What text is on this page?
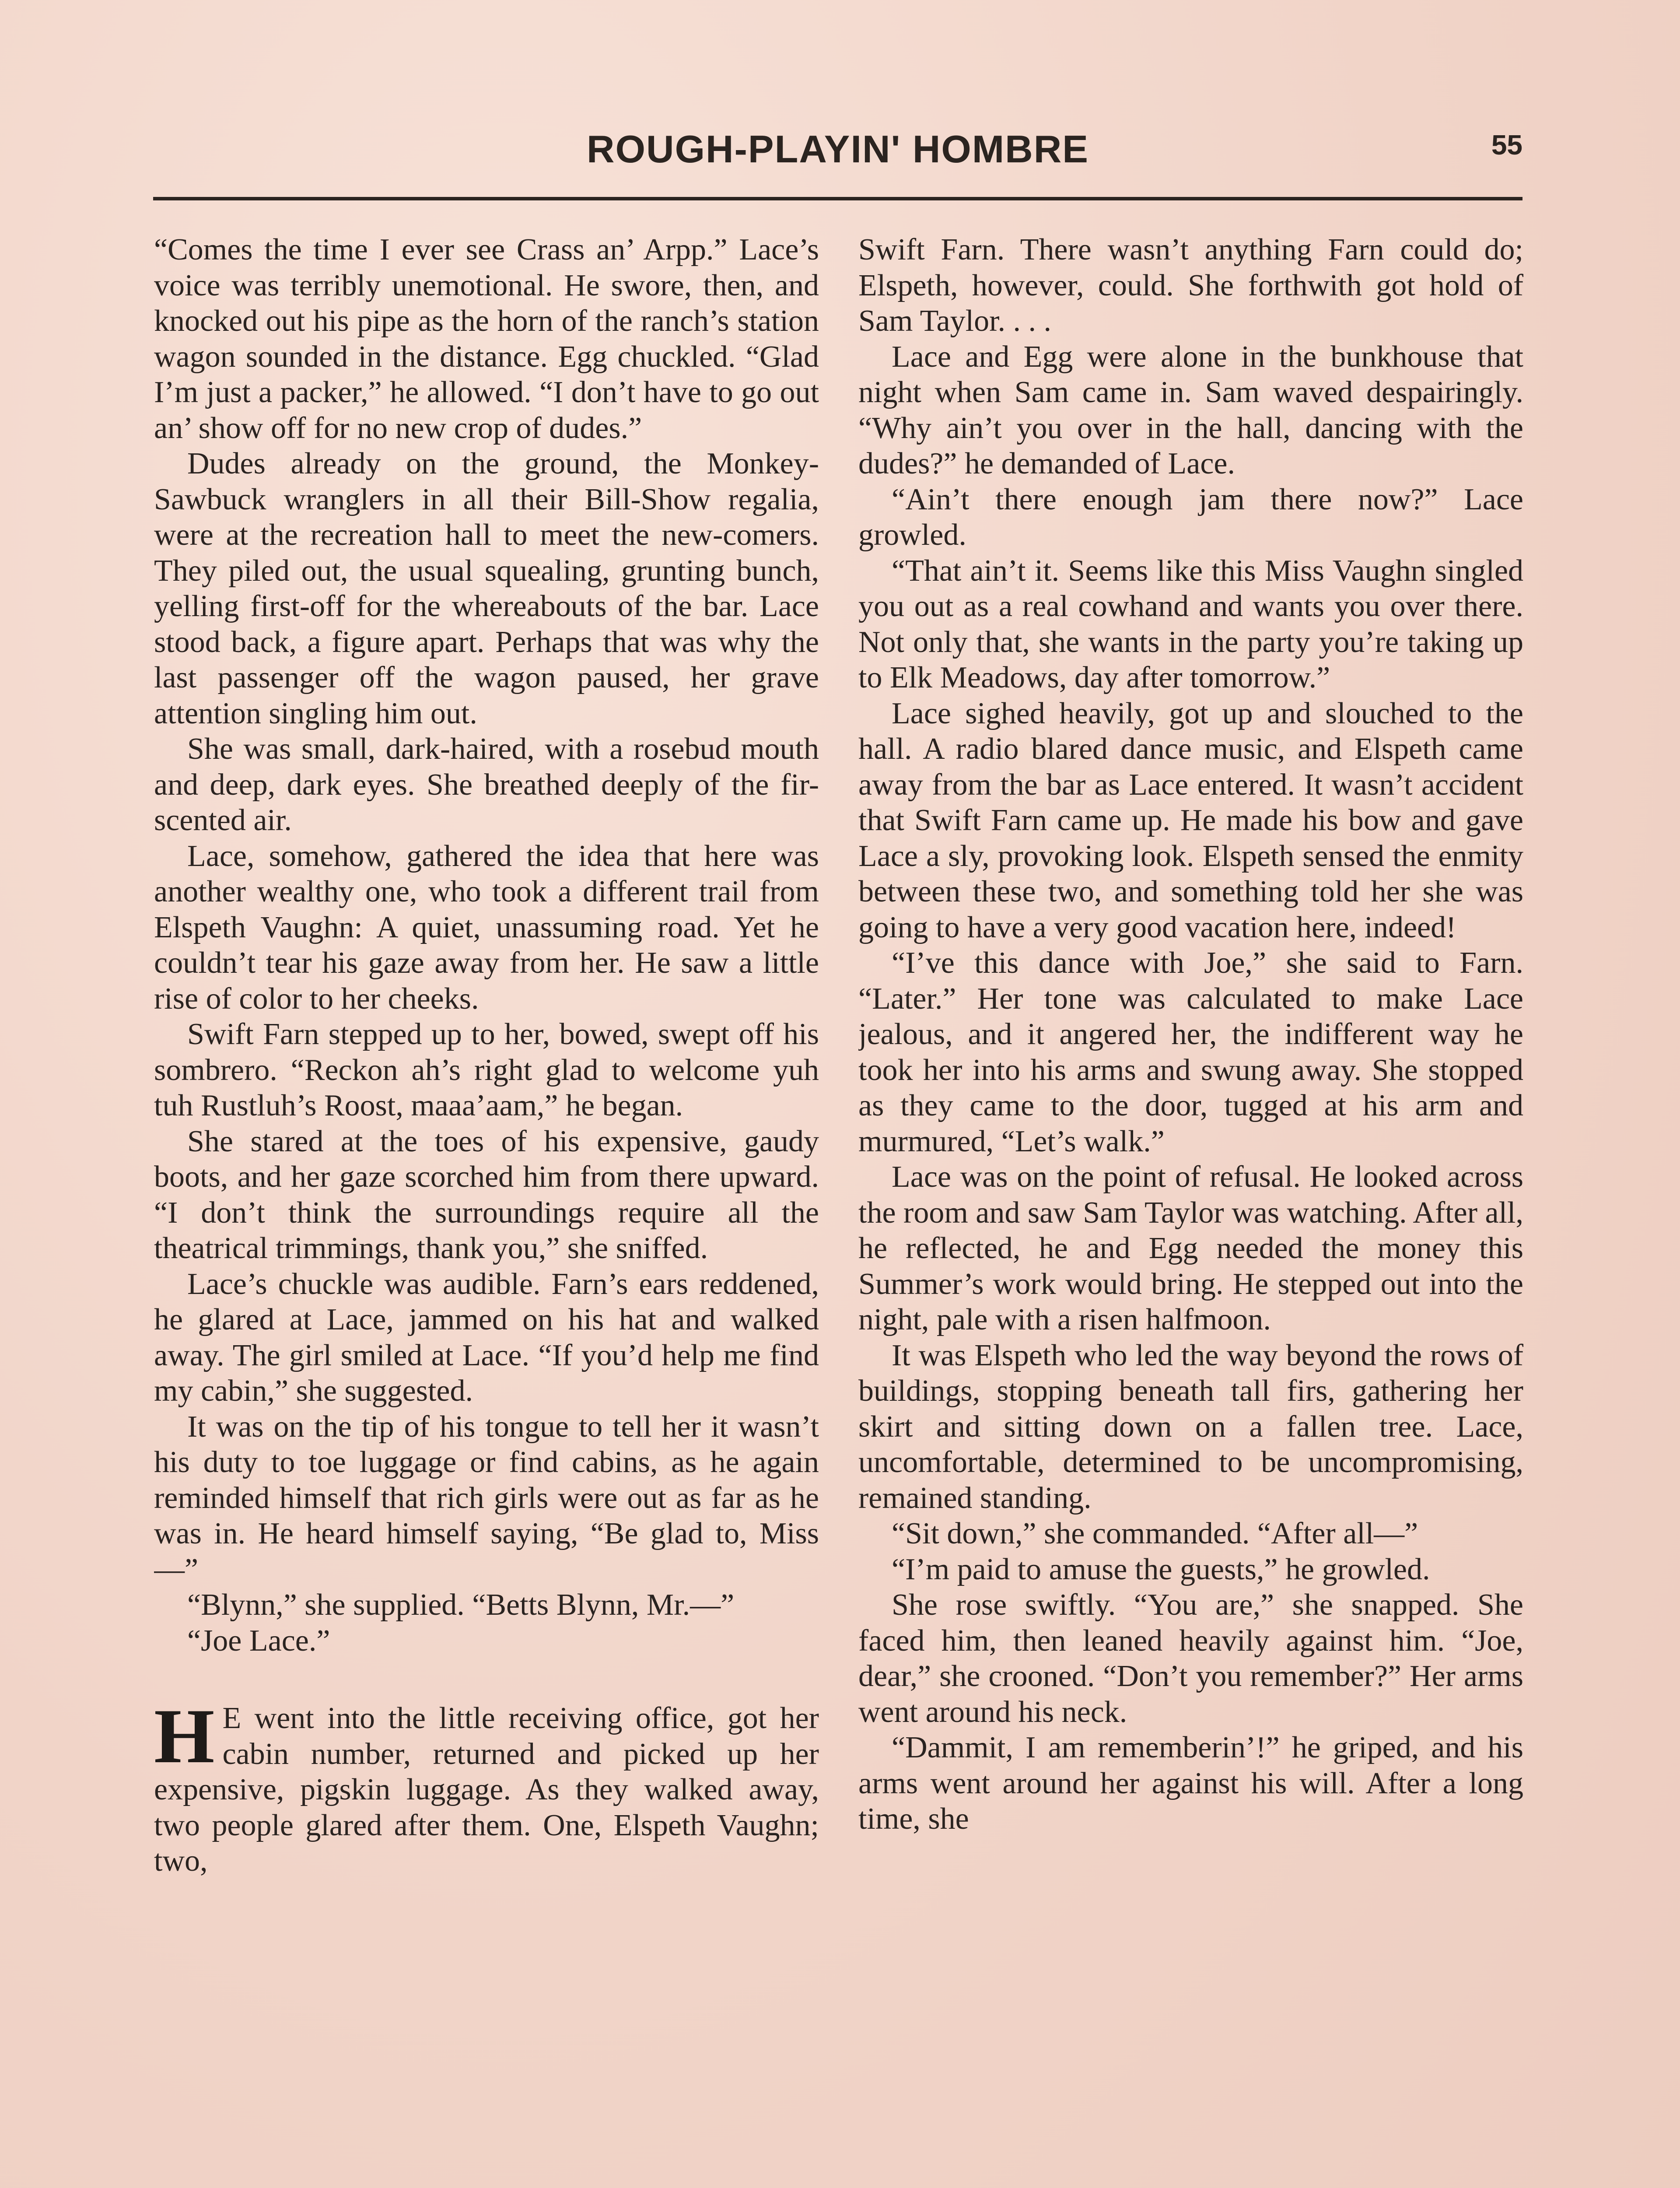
ROUGH-PLAYIN' HOMBRE	55

“Comes the time I ever see Crass an’ Arpp.” Lace’s voice was terribly unemotional. He swore, then, and knocked out his pipe as the horn of the ranch’s station wagon sounded in the distance. Egg chuckled. “Glad I’m just a packer,” he allowed. “I don’t have to go out an’ show off for no new crop of dudes.”

Dudes already on the ground, the Monkey-Sawbuck wranglers in all their Bill-Show regalia, were at the recreation hall to meet the new-comers. They piled out, the usual squealing, grunting bunch, yelling first-off for the whereabouts of the bar. Lace stood back, a figure apart. Perhaps that was why the last passenger off the wagon paused, her grave attention singling him out.

She was small, dark-haired, with a rosebud mouth and deep, dark eyes. She breathed deeply of the fir-scented air.

Lace, somehow, gathered the idea that here was another wealthy one, who took a different trail from Elspeth Vaughn: A quiet, unassuming road. Yet he couldn’t tear his gaze away from her. He saw a little rise of color to her cheeks.

Swift Farn stepped up to her, bowed, swept off his sombrero. “Reckon ah’s right glad to welcome yuh tuh Rustluh’s Roost, maaa’aam,” he began.

She stared at the toes of his expensive, gaudy boots, and her gaze scorched him from there upward. “I don’t think the surroundings require all the theatrical trimmings, thank you,” she sniffed.

Lace’s chuckle was audible. Farn’s ears reddened, he glared at Lace, jammed on his hat and walked away. The girl smiled at Lace. “If you’d help me find my cabin,” she suggested.

It was on the tip of his tongue to tell her it wasn’t his duty to toe luggage or find cabins, as he again reminded himself that rich girls were out as far as he was in. He heard himself saying, “Be glad to, Miss—”

“Blynn,” she supplied. “Betts Blynn, Mr.—”

“Joe Lace.”

H E went into the little receiving office, got her cabin number, returned and picked up her expensive, pigskin luggage. As they walked away, two people glared after them. One, Elspeth Vaughn; two,

Swift Farn. There wasn’t anything Farn could do; Elspeth, however, could. She forthwith got hold of Sam Taylor. . . .

Lace and Egg were alone in the bunkhouse that night when Sam came in. Sam waved despairingly. “Why ain’t you over in the hall, dancing with the dudes?” he demanded of Lace.

“Ain’t there enough jam there now?” Lace growled.

“That ain’t it. Seems like this Miss Vaughn singled you out as a real cowhand and wants you over there. Not only that, she wants in the party you’re taking up to Elk Meadows, day after tomorrow.”

Lace sighed heavily, got up and slouched to the hall. A radio blared dance music, and Elspeth came away from the bar as Lace entered. It wasn’t accident that Swift Farn came up. He made his bow and gave Lace a sly, provoking look. Elspeth sensed the enmity between these two, and something told her she was going to have a very good vacation here, indeed!

“I’ve this dance with Joe,” she said to Farn. “Later.” Her tone was calculated to make Lace jealous, and it angered her, the indifferent way he took her into his arms and swung away. She stopped as they came to the door, tugged at his arm and murmured, “Let’s walk.”

Lace was on the point of refusal. He looked across the room and saw Sam Taylor was watching. After all, he reflected, he and Egg needed the money this Summer’s work would bring. He stepped out into the night, pale with a risen halfmoon.

It was Elspeth who led the way beyond the rows of buildings, stopping beneath tall firs, gathering her skirt and sitting down on a fallen tree. Lace, uncomfortable, determined to be uncompromising, remained standing.

“Sit down,” she commanded. “After all—”

“I’m paid to amuse the guests,” he growled.

She rose swiftly. “You are,” she snapped. She faced him, then leaned heavily against him. “Joe, dear,” she crooned. “Don’t you remember?” Her arms went around his neck.

“Dammit, I am rememberin’!” he griped, and his arms went around her against his will. After a long time, she
